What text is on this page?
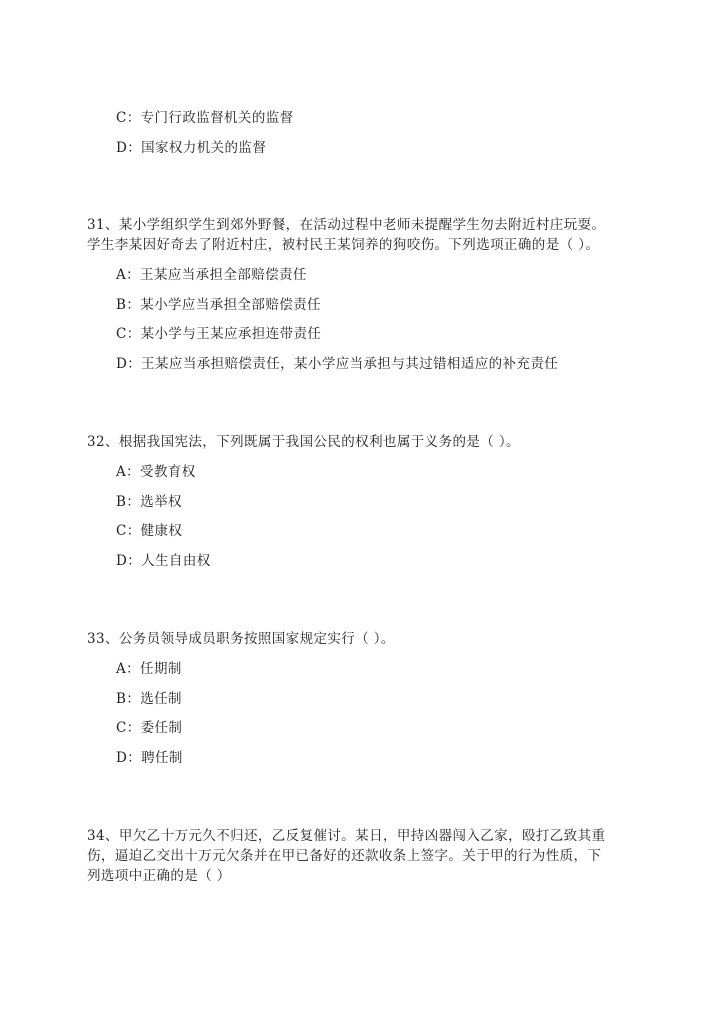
C：专门行政监督机关的监督
D：国家权力机关的监督
31、某小学组织学生到郊外野餐，在活动过程中老师未提醒学生勿去附近村庄玩耍。
学生李某因好奇去了附近村庄，被村民王某饲养的狗咬伤。下列选项正确的是（ ）。
A：王某应当承担全部赔偿责任
B：某小学应当承担全部赔偿责任
C：某小学与王某应承担连带责任
D：王某应当承担赔偿责任，某小学应当承担与其过错相适应的补充责任
32、根据我国宪法，下列既属于我国公民的权利也属于义务的是（ ）。
A：受教育权
B：选举权
C：健康权
D：人生自由权
33、公务员领导成员职务按照国家规定实行（ ）。
A：任期制
B：选任制
C：委任制
D：聘任制
34、甲欠乙十万元久不归还，乙反复催讨。某日，甲持凶器闯入乙家，殴打乙致其重
伤，逼迫乙交出十万元欠条并在甲已备好的还款收条上签字。关于甲的行为性质，下
列选项中正确的是（ ）
